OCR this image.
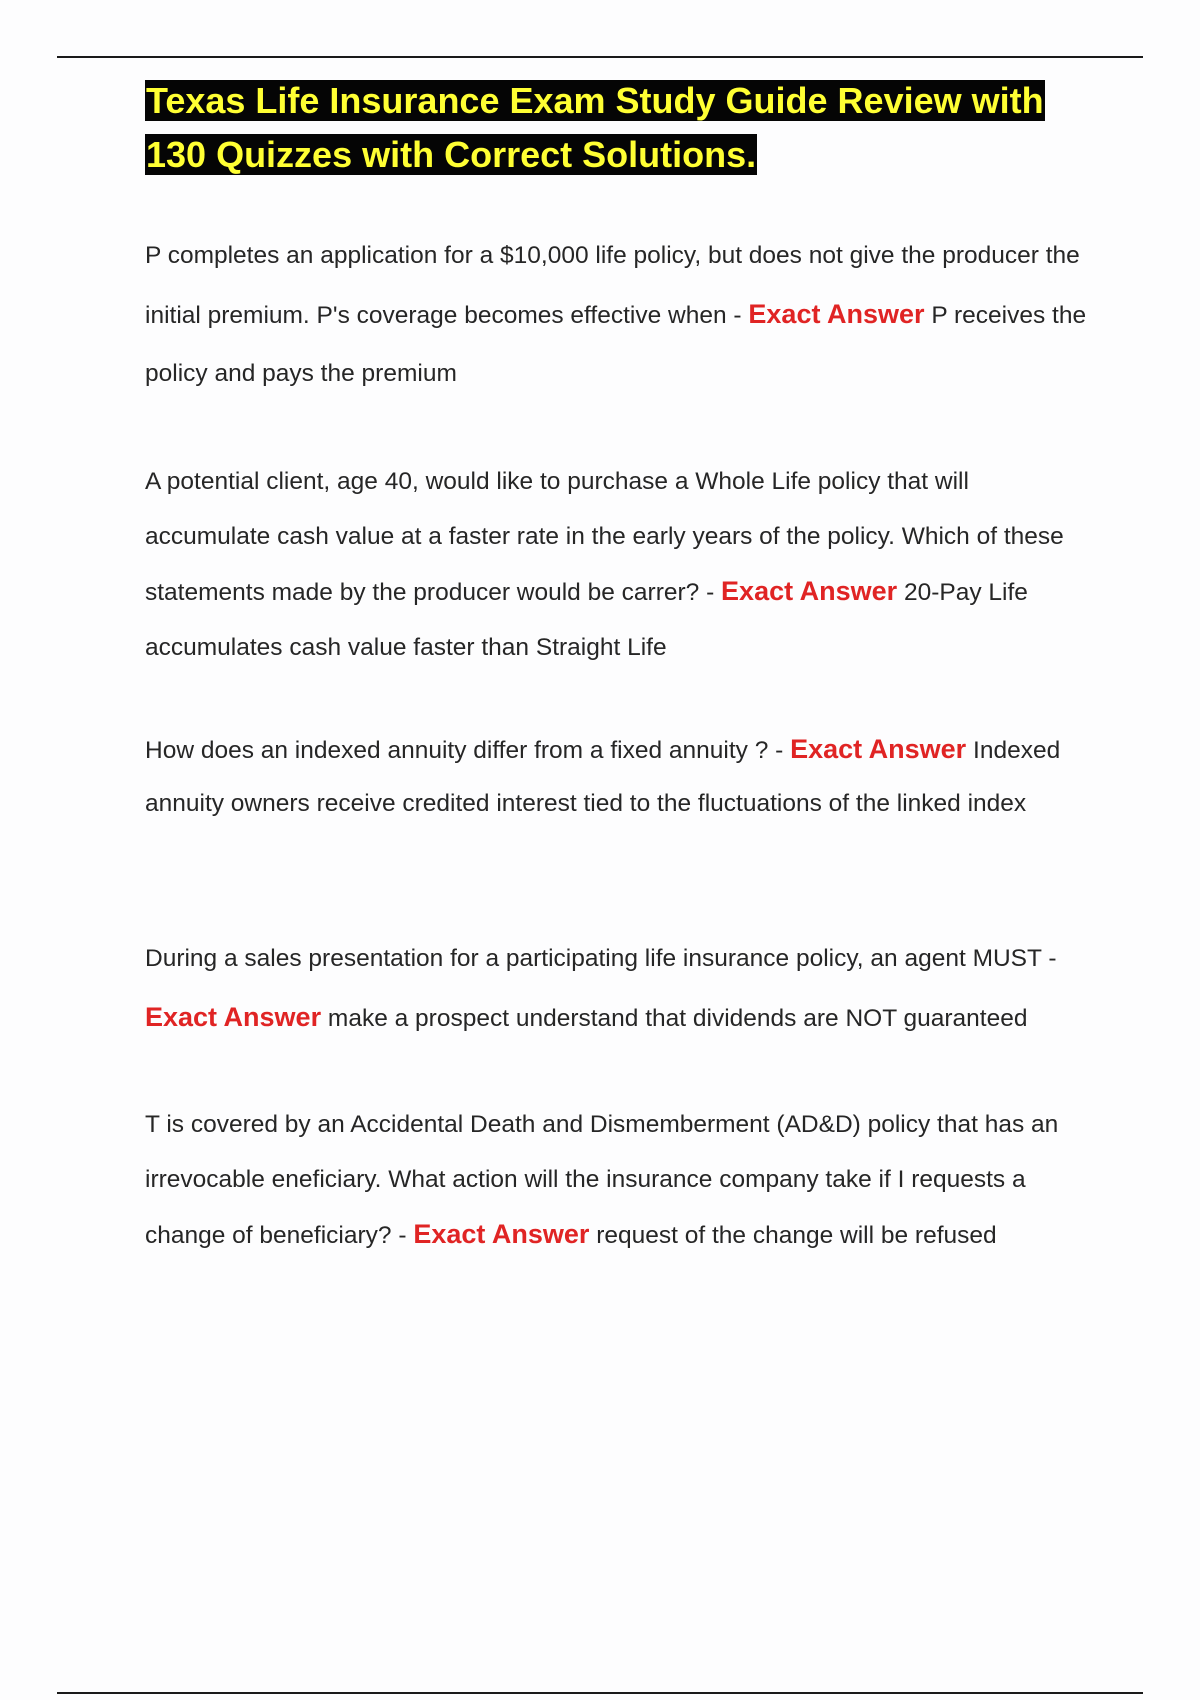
Texas Life Insurance Exam Study Guide Review with 130 Quizzes with Correct Solutions.

P completes an application for a $10,000 life policy, but does not give the producer the initial premium. P's coverage becomes effective when - Exact Answer P receives the policy and pays the premium

A potential client, age 40, would like to purchase a Whole Life policy that will accumulate cash value at a faster rate in the early years of the policy. Which of these statements made by the producer would be carrer? - Exact Answer 20-Pay Life accumulates cash value faster than Straight Life

How does an indexed annuity differ from a fixed annuity ? - Exact Answer Indexed annuity owners receive credited interest tied to the fluctuations of the linked index

During a sales presentation for a participating life insurance policy, an agent MUST - Exact Answer make a prospect understand that dividends are NOT guaranteed

T is covered by an Accidental Death and Dismemberment (AD&D) policy that has an irrevocable eneficiary. What action will the insurance company take if I requests a change of beneficiary? - Exact Answer request of the change will be refused
